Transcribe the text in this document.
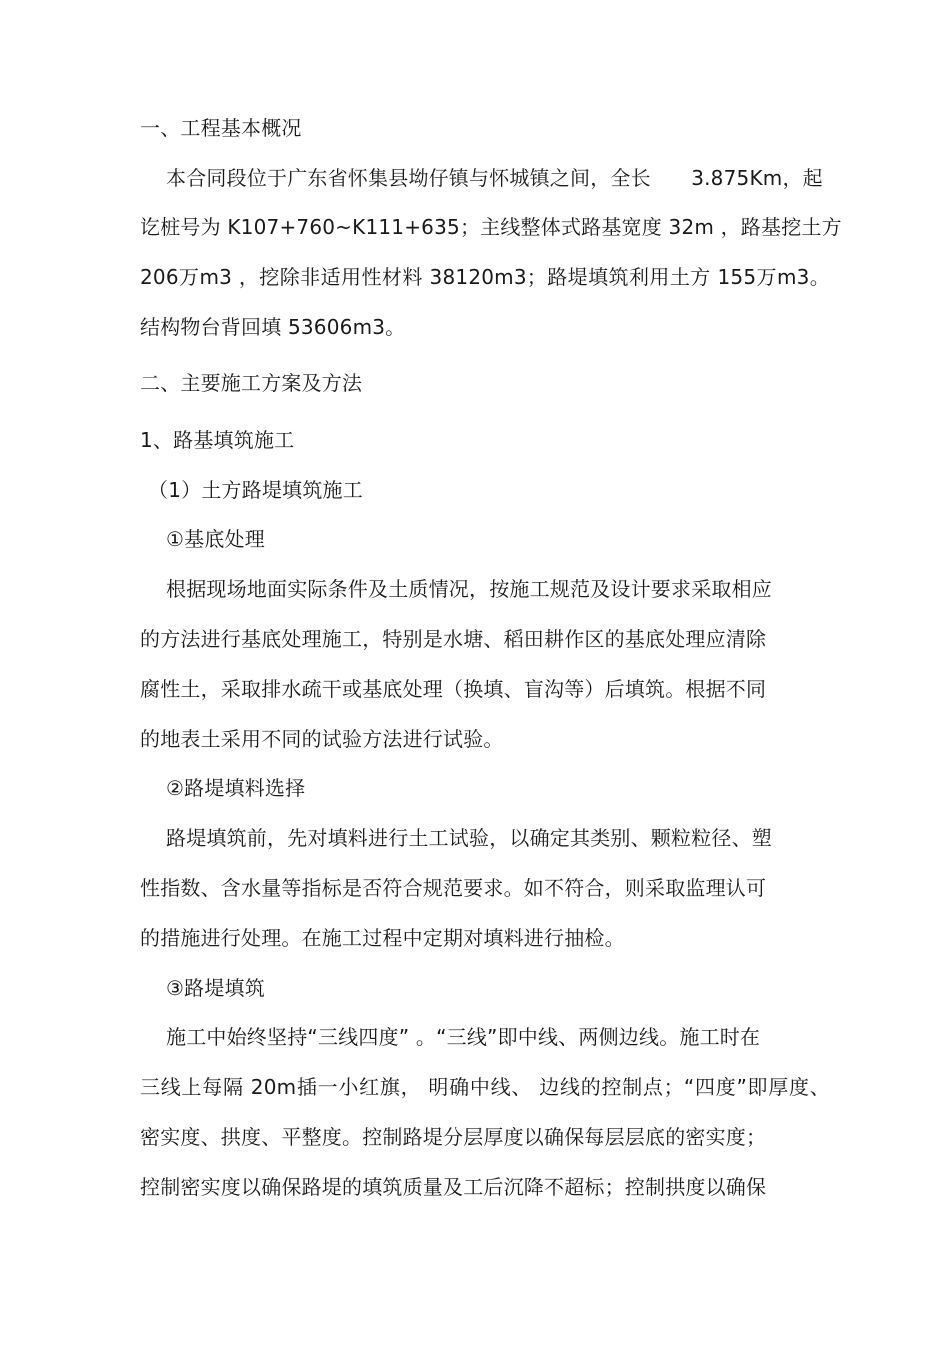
一、工程基本概况
本合同段位于广东省怀集县坳仔镇与怀城镇之间，全长　　3.875Km，起
讫桩号为 K107+760~K111+635；主线整体式路基宽度 32m ，路基挖土方
206万m3 ，挖除非适用性材料 38120m3；路堤填筑利用土方 155万m3。
结构物台背回填 53606m3。
二、主要施工方案及方法
1、路基填筑施工
（1）土方路堤填筑施工
①基底处理
根据现场地面实际条件及土质情况，按施工规范及设计要求采取相应
的方法进行基底处理施工，特别是水塘、稻田耕作区的基底处理应清除
腐性土，采取排水疏干或基底处理（换填、盲沟等）后填筑。根据不同
的地表土采用不同的试验方法进行试验。
②路堤填料选择
路堤填筑前，先对填料进行土工试验，以确定其类别、颗粒粒径、塑
性指数、含水量等指标是否符合规范要求。如不符合，则采取监理认可
的措施进行处理。在施工过程中定期对填料进行抽检。
③路堤填筑
施工中始终坚持“三线四度” 。“三线”即中线、两侧边线。施工时在
三线上每隔 20m插一小红旗， 明确中线、 边线的控制点；“四度”即厚度、
密实度、拱度、平整度。控制路堤分层厚度以确保每层层底的密实度；
控制密实度以确保路堤的填筑质量及工后沉降不超标；控制拱度以确保
